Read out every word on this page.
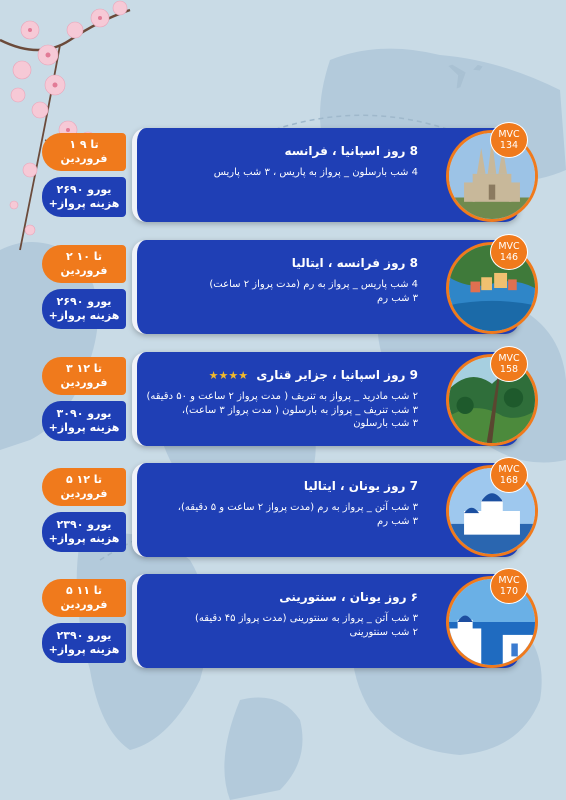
۱ تا ۹
فروردین
۲۶۹۰ یورو
+هزینه پرواز
8 روز اسپانیا ، فرانسه
4 شب بارسلون _ پرواز به پاریس ، ۳ شب پاریس
MVC
134
۲ تا ۱۰
فروردین
۲۶۹۰ یورو
+هزینه پرواز
8 روز فرانسه ، ایتالیا
4 شب پاریس _ پرواز به رم (مدت پرواز ۲ ساعت)
۳ شب رم
MVC
146
۳ تا ۱۲
فروردین
۳۰۹۰ یورو
+هزینه پرواز
9 روز اسپانیا ، جزایر قناری ★★★★
۲ شب مادرید _ پرواز به تنریف ( مدت پرواز ۲ ساعت و ۵۰ دقیقه)
۳ شب تنریف _ پرواز به بارسلون ( مدت پرواز ۳ ساعت)،
۳ شب بارسلون
MVC
158
۵ تا ۱۲
فروردین
۲۳۹۰ یورو
+هزینه پرواز
7 روز یونان ، ایتالیا
۳ شب آتن _ پرواز به رم (مدت پرواز ۲ ساعت و ۵ دقیقه)،
۳ شب رم
MVC
168
۵ تا ۱۱
فروردین
۲۳۹۰ یورو
+هزینه پرواز
۶ روز یونان ، سنتورینی
۳ شب آتن _ پرواز به سنتورینی (مدت پرواز ۴۵ دقیقه)
۲ شب سنتورینی
MVC
170
